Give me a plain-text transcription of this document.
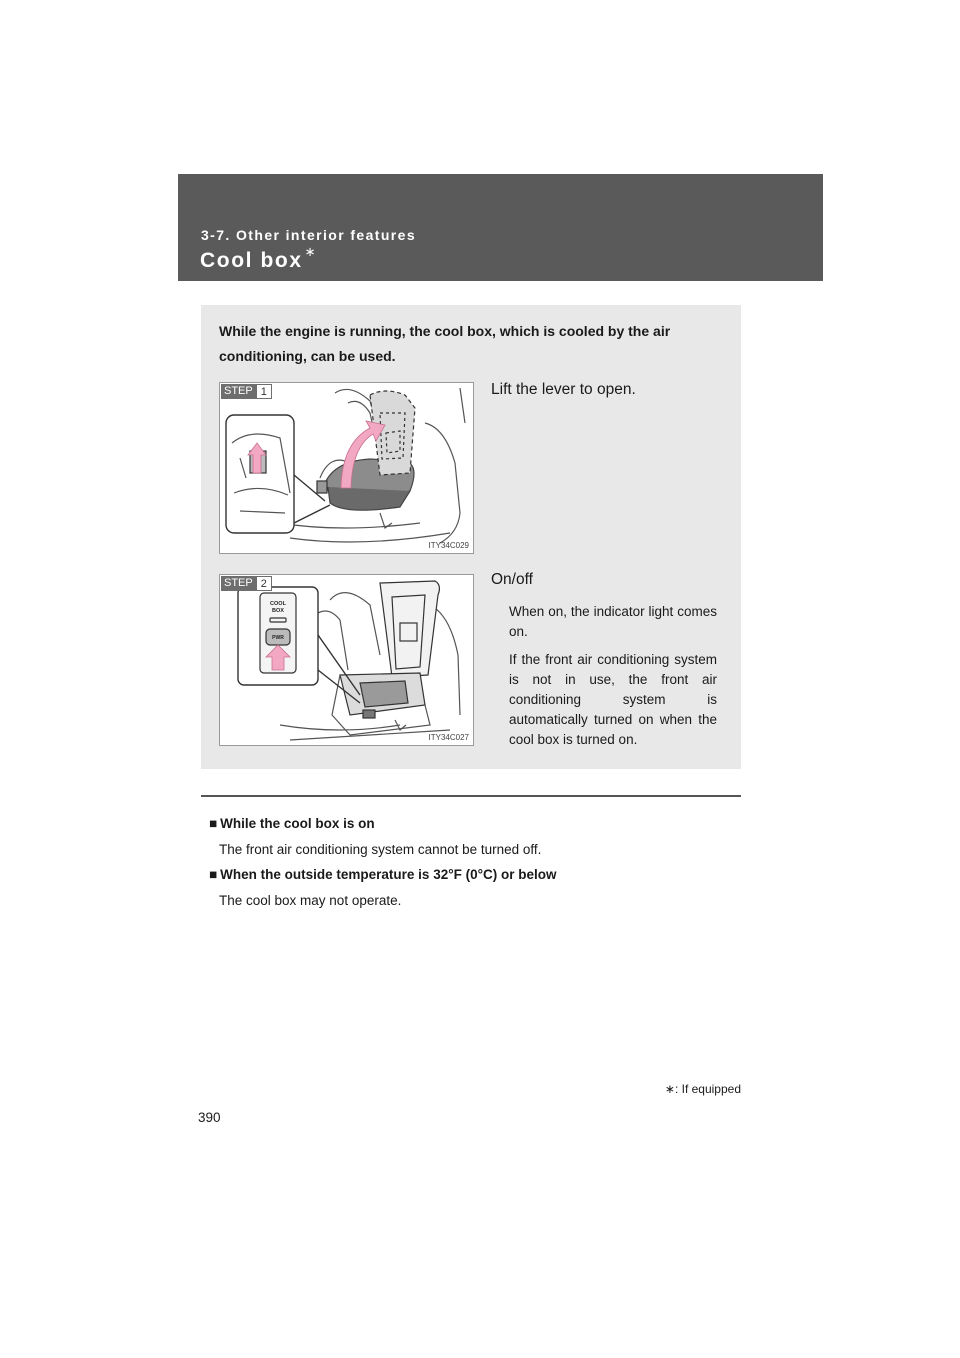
3-7. Other interior features
Cool box ∗
While the engine is running, the cool box, which is cooled by the air conditioning, can be used.
STEP 1
ITY34C029
Lift the lever to open.
STEP 2
COOL
BOX
PWR
ITY34C027
On/off
When on, the indicator light comes on.
If the front air conditioning system is not in use, the front air conditioning system is automatically turned on when the cool box is turned on.
■ While the cool box is on
The front air conditioning system cannot be turned off.
■ When the outside temperature is 32°F (0°C) or below
The cool box may not operate.
∗: If equipped
390
